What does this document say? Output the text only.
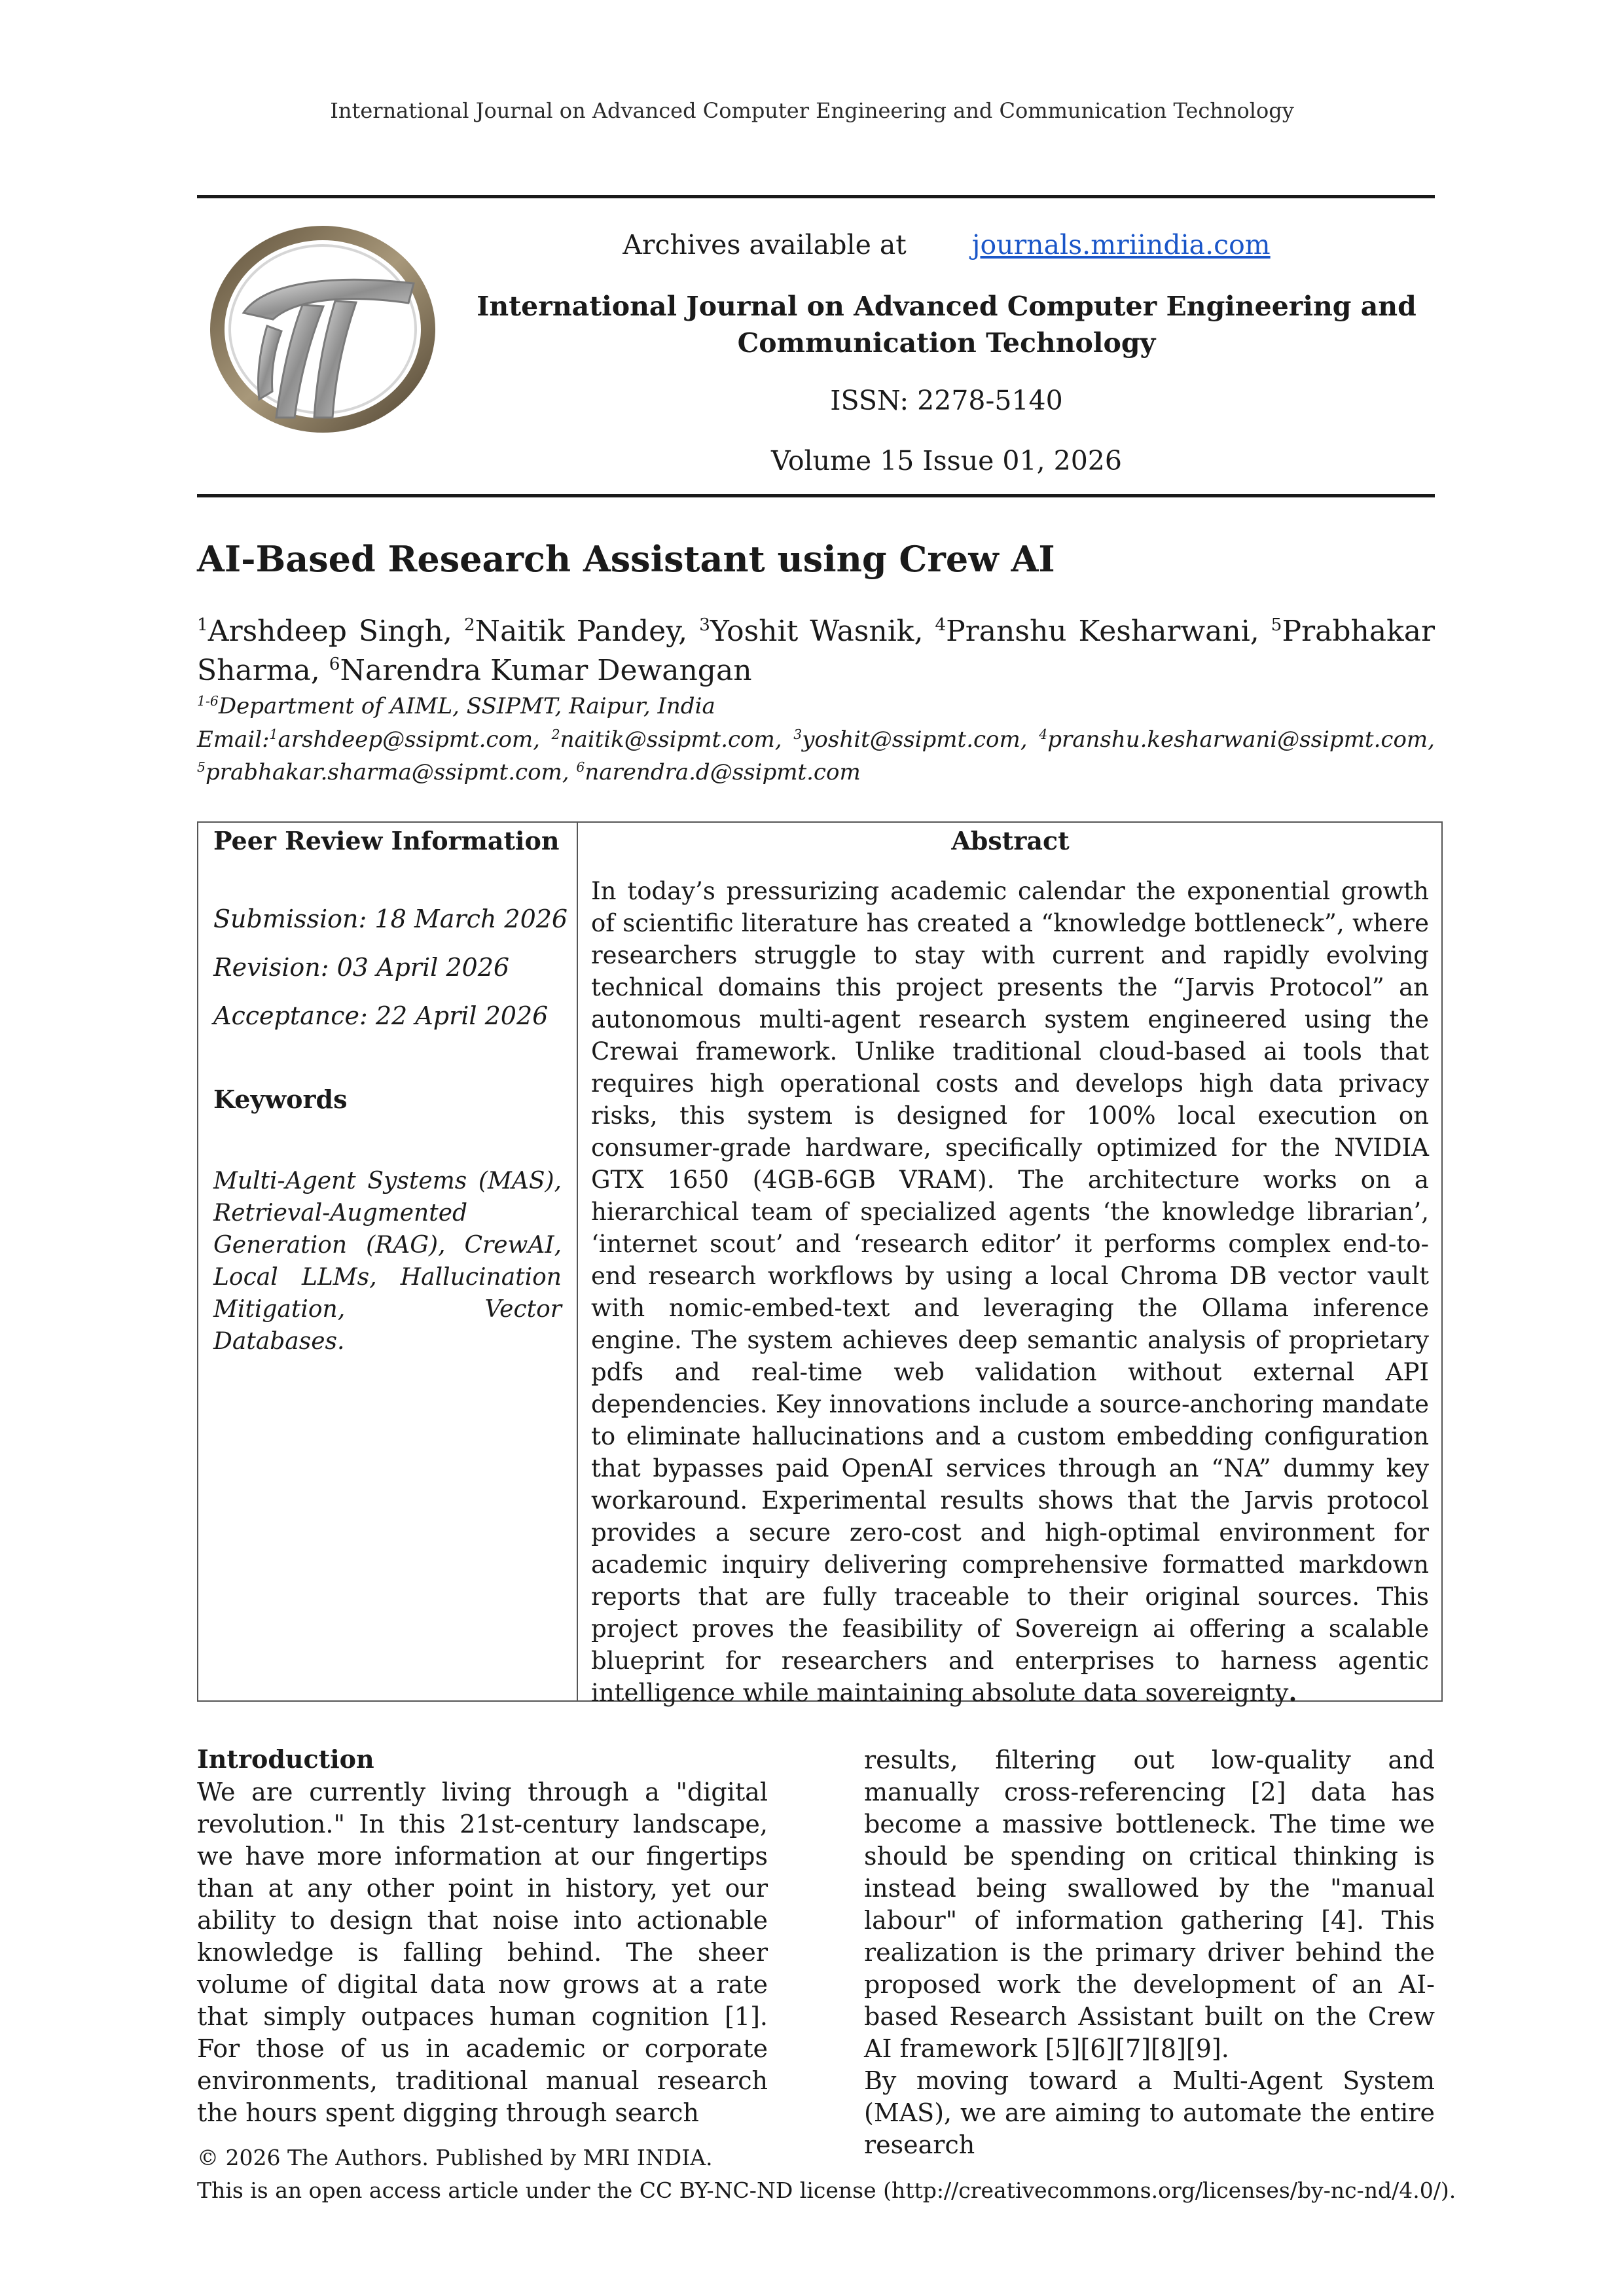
International Journal on Advanced Computer Engineering and Communication Technology
Archives available at journals.mriindia.com
International Journal on Advanced Computer Engineering and
Communication Technology
ISSN: 2278-5140
Volume 15 Issue 01, 2026
AI-Based Research Assistant using Crew AI
$^1$Arshdeep Singh, $^2$Naitik Pandey, $^3$Yoshit Wasnik, $^4$Pranshu Kesharwani, $^5$Prabhakar Sharma, $^6$Narendra Kumar Dewangan
$^{1-6}$Department of AIML, SSIPMT, Raipur, India
Email:$^1$arshdeep@ssipmt.com, $^2$naitik@ssipmt.com, $^3$yoshit@ssipmt.com, $^4$pranshu.kesharwani@ssipmt.com, $^5$prabhakar.sharma@ssipmt.com, $^6$narendra.d@ssipmt.com
Peer Review Information	Abstract
Submission: 18 March 2026
Revision: 03 April 2026
Acceptance: 22 April 2026
Keywords
Multi-Agent Systems (MAS), Retrieval-Augmented Generation (RAG), CrewAI, Local LLMs, Hallucination Mitigation, Vector Databases.
In today’s pressurizing academic calendar the exponential growth of scientific literature has created a “knowledge bottleneck”, where researchers struggle to stay with current and rapidly evolving technical domains this project presents the “Jarvis Protocol” an autonomous multi-agent research system engineered using the Crewai framework. Unlike traditional cloud-based ai tools that requires high operational costs and develops high data privacy risks, this system is designed for 100% local execution on consumer-grade hardware, specifically optimized for the NVIDIA GTX 1650 (4GB-6GB VRAM). The architecture works on a hierarchical team of specialized agents ‘the knowledge librarian’, ‘internet scout’ and ‘research editor’ it performs complex end-to-end research workflows by using a local Chroma DB vector vault with nomic-embed-text and leveraging the Ollama inference engine. The system achieves deep semantic analysis of proprietary pdfs and real-time web validation without external API dependencies. Key innovations include a source-anchoring mandate to eliminate hallucinations and a custom embedding configuration that bypasses paid OpenAI services through an “NA” dummy key workaround. Experimental results shows that the Jarvis protocol provides a secure zero-cost and high-optimal environment for academic inquiry delivering comprehensive formatted markdown reports that are fully traceable to their original sources. This project proves the feasibility of Sovereign ai offering a scalable blueprint for researchers and enterprises to harness agentic intelligence while maintaining absolute data sovereignty.
Introduction
We are currently living through a "digital revolution." In this 21st-century landscape, we have more information at our fingertips than at any other point in history, yet our ability to design that noise into actionable knowledge is falling behind. The sheer volume of digital data now grows at a rate that simply outpaces human cognition [1]. For those of us in academic or corporate environments, traditional manual research the hours spent digging through search

results, filtering out low-quality and manually cross-referencing [2] data has become a massive bottleneck. The time we should be spending on critical thinking is instead being swallowed by the "manual labour" of information gathering [4]. This realization is the primary driver behind the proposed work the development of an AI-based Research Assistant built on the Crew AI framework [5][6][7][8][9].

By moving toward a Multi-Agent System (MAS), we are aiming to automate the entire research

© 2026 The Authors. Published by MRI INDIA.
This is an open access article under the CC BY-NC-ND license (http://creativecommons.org/licenses/by-nc-nd/4.0/).
